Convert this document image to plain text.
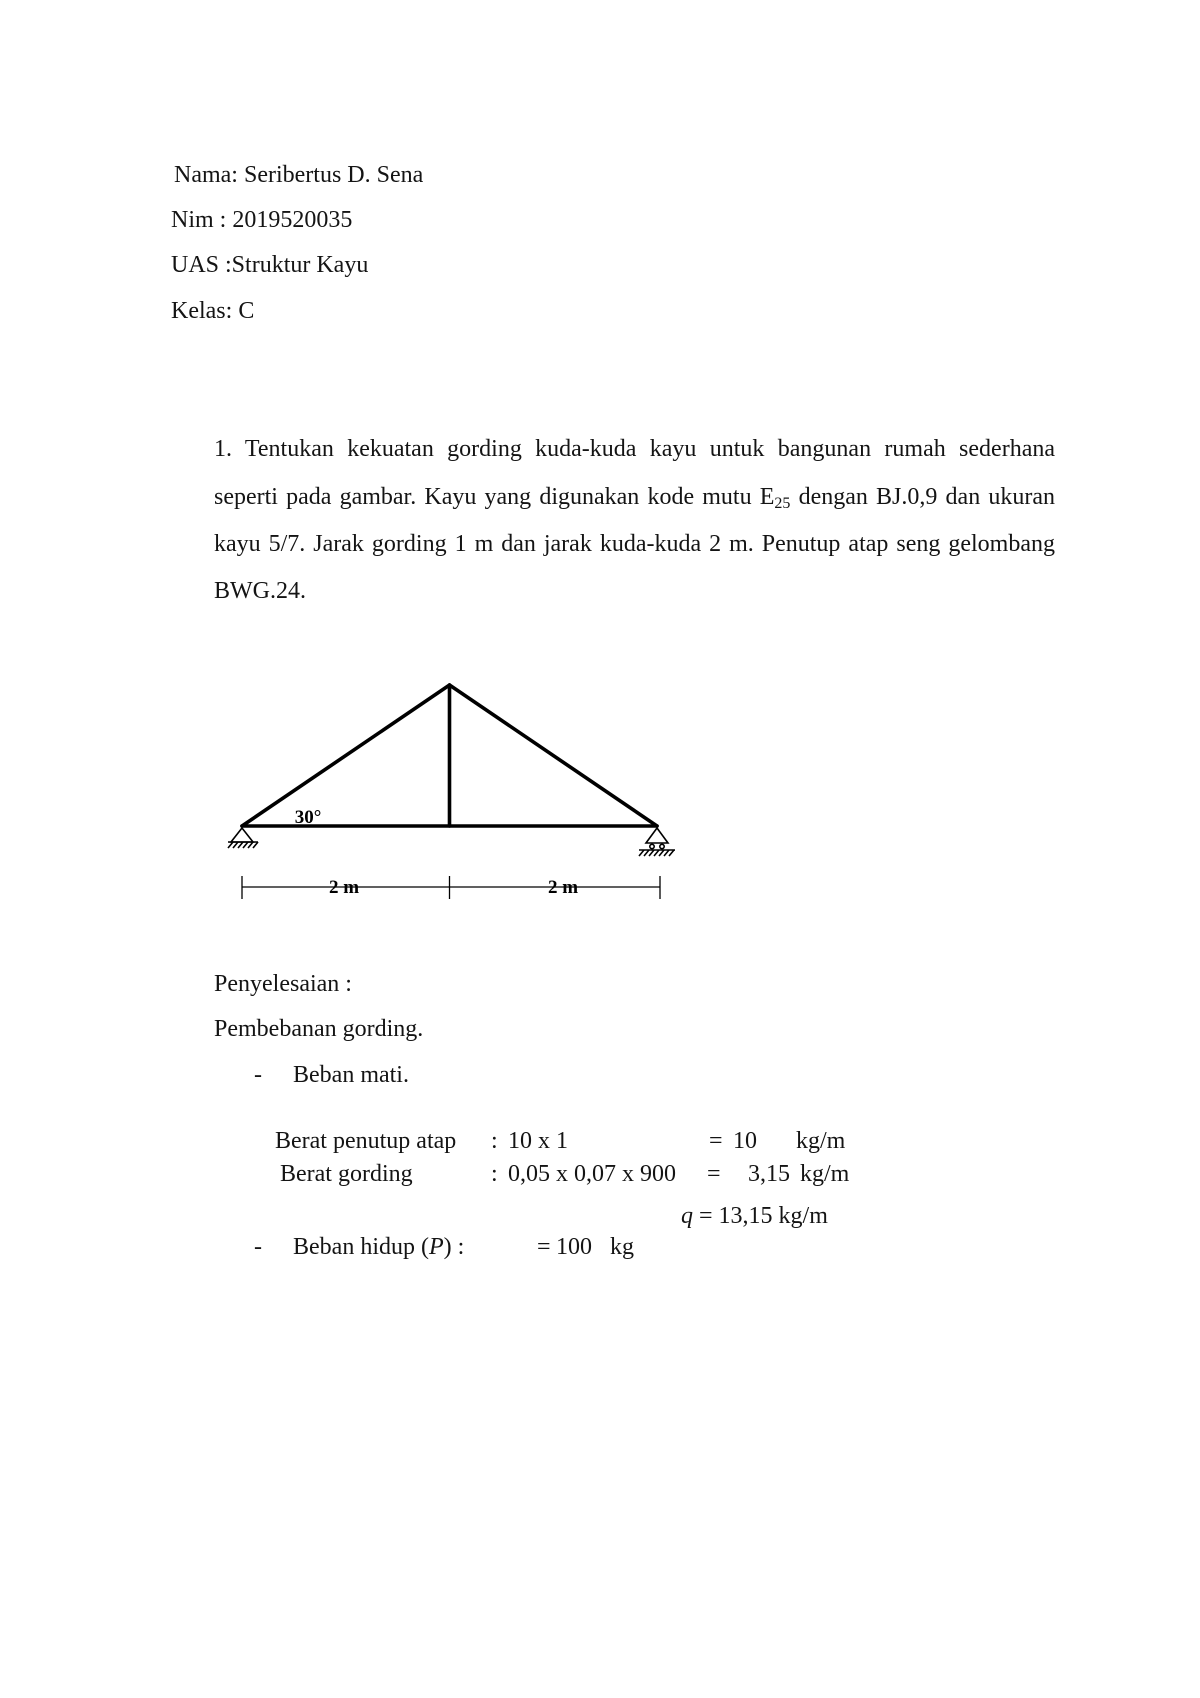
Nama: Seribertus D. Sena
Nim : 2019520035
UAS :Struktur Kayu
Kelas: C
1. Tentukan kekuatan gording kuda-kuda kayu untuk bangunan rumah sederhana
seperti pada gambar. Kayu yang digunakan kode mutu $E_{25}$ dengan BJ.0,9 dan ukuran
kayu 5/7. Jarak gording 1 m dan jarak kuda-kuda 2 m. Penutup atap seng gelombang
BWG.24.
30°
2 m	2 m
Penyelesaian :
Pembebanan gording.
- Beban mati.
Berat penutup atap : 10 x 1	= 10 kg/m
Berat gording	: 0,05 x 0,07 x 900 = 3,15 kg/m
q = 13,15 kg/m
- Beban hidup (P) :	= 100 kg
